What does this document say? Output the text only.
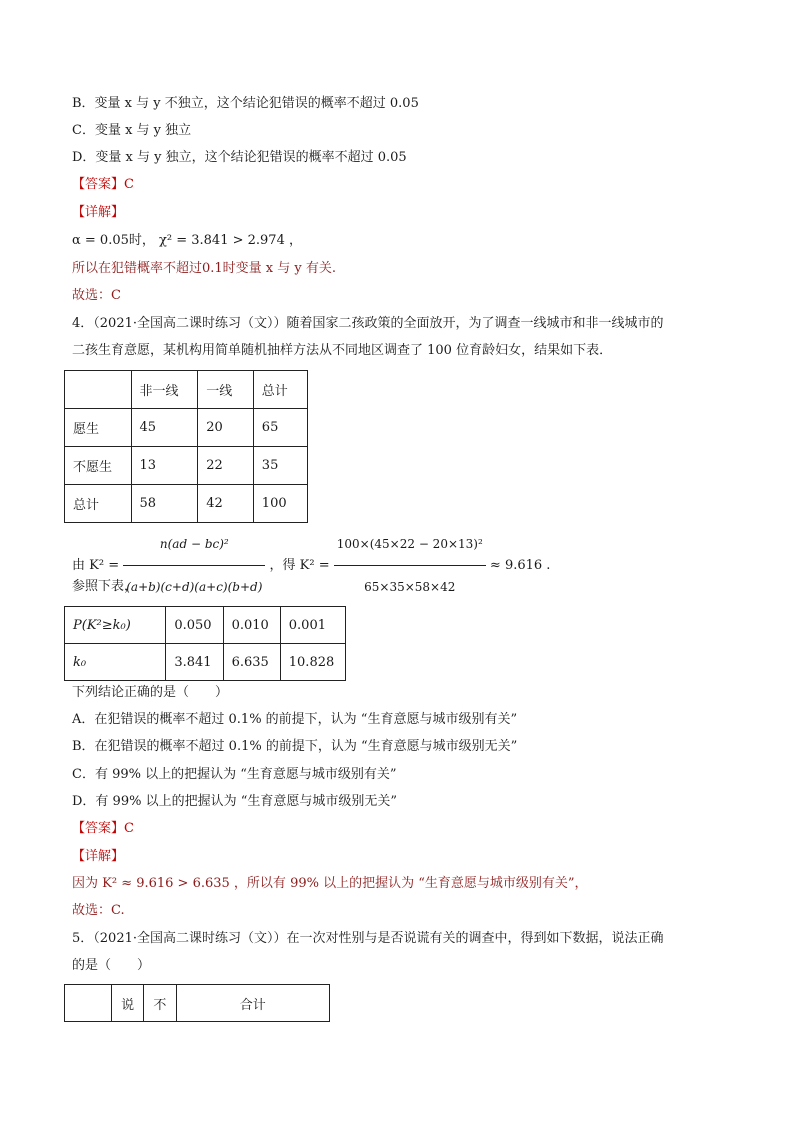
B．变量 x 与 y 不独立，这个结论犯错误的概率不超过 0.05
C．变量 x 与 y 独立
D．变量 x 与 y 独立，这个结论犯错误的概率不超过 0.05
【答案】C
【详解】
α = 0.05时， χ² = 3.841 > 2.974 ，
所以在犯错概率不超过0.1时变量 x 与 y 有关.
故选：C
4．（2021·全国高二课时练习（文））随着国家二孩政策的全面放开，为了调查一线城市和非一线城市的
二孩生育意愿，某机构用简单随机抽样方法从不同地区调查了 100 位育龄妇女，结果如下表．
	非一线	一线	总计
愿生	45	20	65
不愿生	13	22	35
总计	58	42	100
由 $K^2 = \frac{\text{n(ad − bc)²}}{(a+b)(c+d)(a+c)(b+d)}$ ，得 $K^2 = \frac{\text{100×(45×22 − 20×13)²}}{65\times 35\times 58\times 42} \approx 9.616$ .
参照下表，
P(K²≥k₀)	0.050	0.010	0.001
k₀	3.841	6.635	10.828
下列结论正确的是（　　）
A．在犯错误的概率不超过 0.1% 的前提下，认为 “生育意愿与城市级别有关”
B．在犯错误的概率不超过 0.1% 的前提下，认为 “生育意愿与城市级别无关”
C．有 99% 以上的把握认为 “生育意愿与城市级别有关”
D．有 99% 以上的把握认为 “生育意愿与城市级别无关”
【答案】C
【详解】
因为 K² ≈ 9.616 > 6.635 ，所以有 99% 以上的把握认为 “生育意愿与城市级别有关”，
故选：C.
5．（2021·全国高二课时练习（文））在一次对性别与是否说谎有关的调查中，得到如下数据，说法正确
的是（　　）
	说	不	合计
